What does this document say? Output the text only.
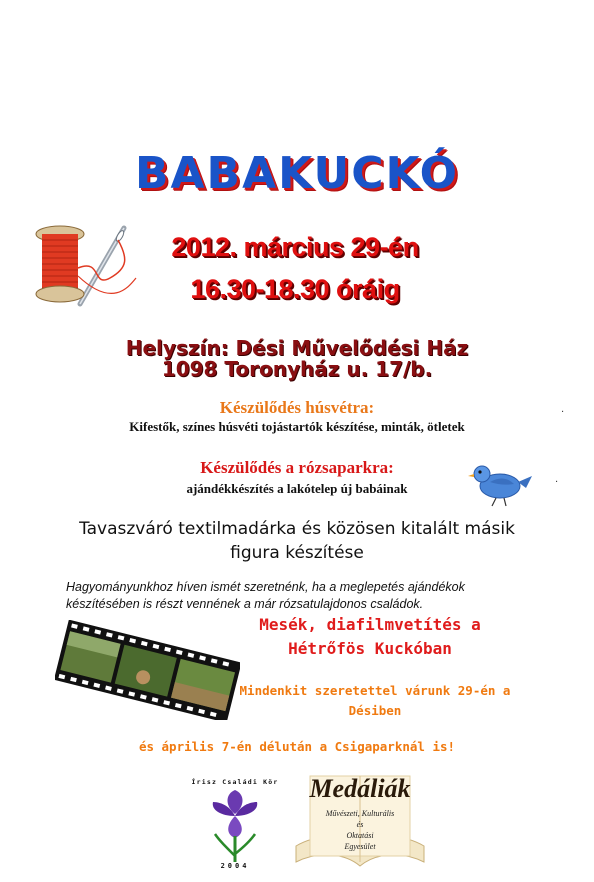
BABAKUCKÓ
2012. március 29-én
16.30-18.30 óráig
Helyszín: Dési Művelődési Ház
1098 Toronyház u. 17/b.
Készülődés húsvétra:
Kifestők, színes húsvéti tojástartók készítése, minták, ötletek
.
Készülődés a rózsaparkra:
ajándékkészítés a lakótelep új babáinak
.
Tavaszváró textilmadárka és közösen kitalált másik
figura készítése
Hagyományunkhoz híven ismét szeretnénk, ha a meglepetés ajándékok
készítésében is részt vennének a már rózsatulajdonos családok.
Mesék, diafilmvetítés a
Hétrőfös Kuckóban
Mindenkit szeretettel várunk 29-én a
Désiben
és április 7-én délután a Csigaparknál is!
Írisz Családi Kör
2004
Medáliák
Művészeti, Kulturális
és
Oktatási
Egyesület
